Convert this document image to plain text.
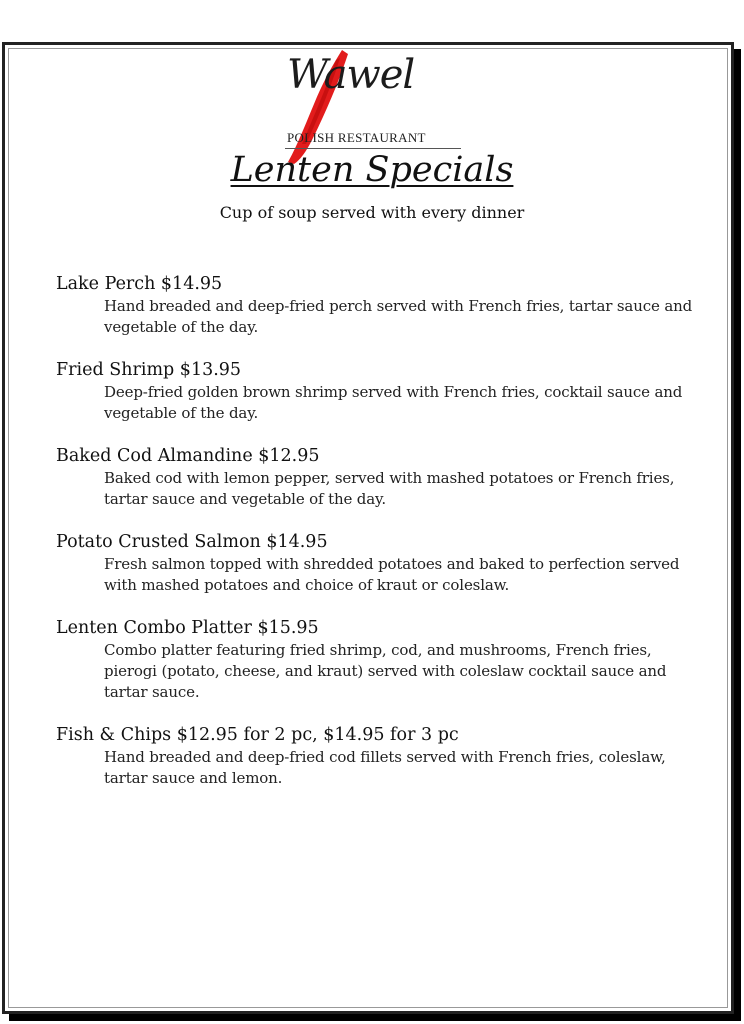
Wawel
POLISH RESTAURANT
Lenten Specials
Cup of soup served with every dinner
Lake Perch $14.95
Hand breaded and deep-fried perch served with French fries, tartar sauce and vegetable of the day.
Fried Shrimp $13.95
Deep-fried golden brown shrimp served with French fries, cocktail sauce and vegetable of the day.
Baked Cod Almandine $12.95
Baked cod with lemon pepper, served with mashed potatoes or French fries, tartar sauce and vegetable of the day.
Potato Crusted Salmon $14.95
Fresh salmon topped with shredded potatoes and baked to perfection served with mashed potatoes and choice of kraut or coleslaw.
Lenten Combo Platter $15.95
Combo platter featuring fried shrimp, cod, and mushrooms, French fries, pierogi (potato, cheese, and kraut) served with coleslaw cocktail sauce and tartar sauce.
Fish & Chips $12.95 for 2 pc, $14.95 for 3 pc
Hand breaded and deep-fried cod fillets served with French fries, coleslaw, tartar sauce and lemon.
